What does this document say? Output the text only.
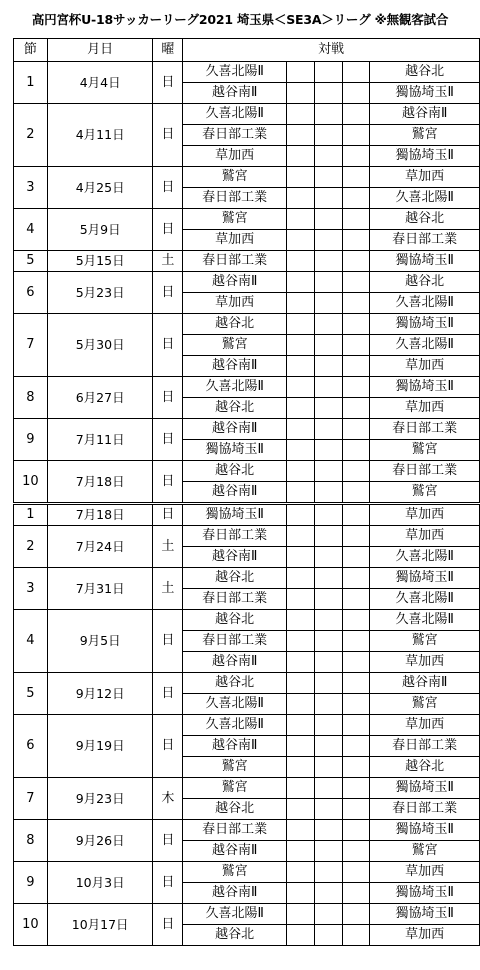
高円宮杯U-18サッカーリーグ2021 埼玉県＜SE3A＞リーグ ※無観客試合
節	月日	曜	対戦				
1	4月4日	日	久喜北陽Ⅱ				越谷北
			越谷南Ⅱ				獨協埼玉Ⅱ
2	4月11日	日	久喜北陽Ⅱ				越谷南Ⅱ
			春日部工業				鷲宮
			草加西				獨協埼玉Ⅱ
3	4月25日	日	鷲宮				草加西
			春日部工業				久喜北陽Ⅱ
4	5月9日	日	鷲宮				越谷北
			草加西				春日部工業
5	5月15日	土	春日部工業				獨協埼玉Ⅱ
6	5月23日	日	越谷南Ⅱ				越谷北
			草加西				久喜北陽Ⅱ
7	5月30日	日	越谷北				獨協埼玉Ⅱ
			鷲宮				久喜北陽Ⅱ
			越谷南Ⅱ				草加西
8	6月27日	日	久喜北陽Ⅱ				獨協埼玉Ⅱ
			越谷北				草加西
9	7月11日	日	越谷南Ⅱ				春日部工業
			獨協埼玉Ⅱ				鷲宮
10	7月18日	日	越谷北				春日部工業
			越谷南Ⅱ				鷲宮
1	7月18日	日	獨協埼玉Ⅱ				草加西
2	7月24日	土	春日部工業				草加西
			越谷南Ⅱ				久喜北陽Ⅱ
3	7月31日	土	越谷北				獨協埼玉Ⅱ
			春日部工業				久喜北陽Ⅱ
4	9月5日	日	越谷北				久喜北陽Ⅱ
			春日部工業				鷲宮
			越谷南Ⅱ				草加西
5	9月12日	日	越谷北				越谷南Ⅱ
			久喜北陽Ⅱ				鷲宮
6	9月19日	日	久喜北陽Ⅱ				草加西
			越谷南Ⅱ				春日部工業
			鷲宮				越谷北
7	9月23日	木	鷲宮				獨協埼玉Ⅱ
			越谷北				春日部工業
8	9月26日	日	春日部工業				獨協埼玉Ⅱ
			越谷南Ⅱ				鷲宮
9	10月3日	日	鷲宮				草加西
			越谷南Ⅱ				獨協埼玉Ⅱ
10	10月17日	日	久喜北陽Ⅱ				獨協埼玉Ⅱ
			越谷北				草加西
